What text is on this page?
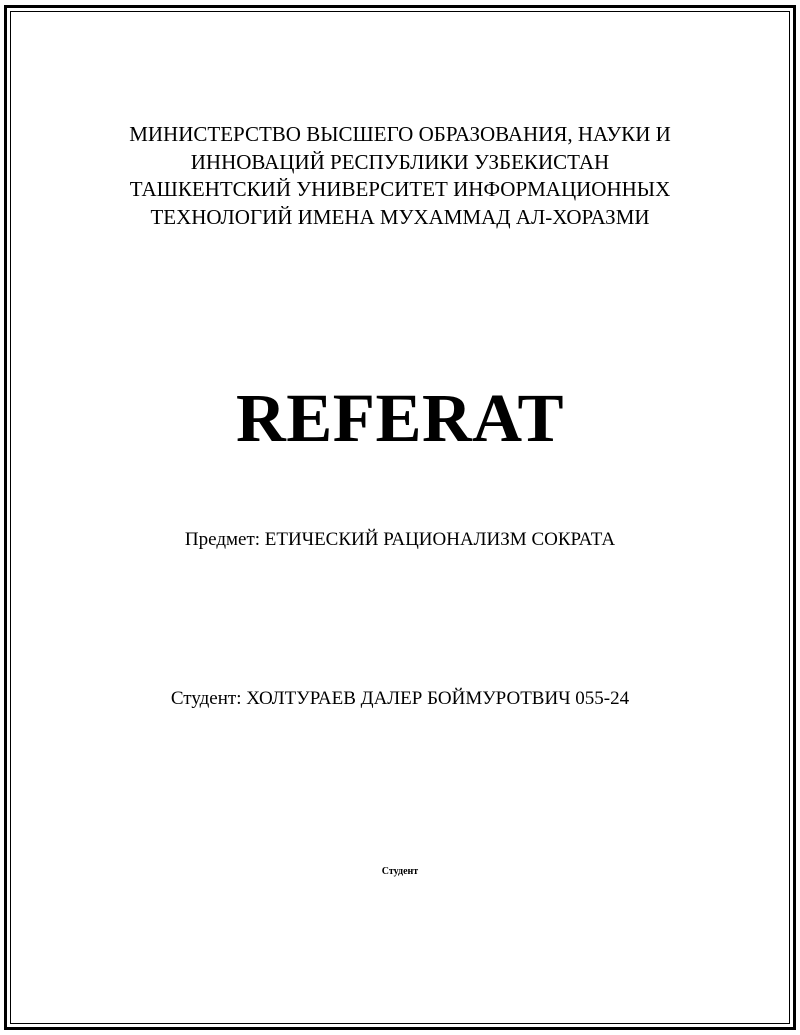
МИНИСТЕРСТВО ВЫСШЕГО ОБРАЗОВАНИЯ, НАУКИ И
ИННОВАЦИЙ РЕСПУБЛИКИ УЗБЕКИСТАН
ТАШКЕНТСКИЙ УНИВЕРСИТЕТ ИНФОРМАЦИОННЫХ
ТЕХНОЛОГИЙ ИМЕНА МУХАММАД АЛ-ХОРАЗМИ
REFERAT
Предмет: ЕТИЧЕСКИЙ РАЦИОНАЛИЗМ СОКРАТА
Студент: ХОЛТУРАЕВ ДАЛЕР БОЙМУРОТВИЧ 055-24
Студент
